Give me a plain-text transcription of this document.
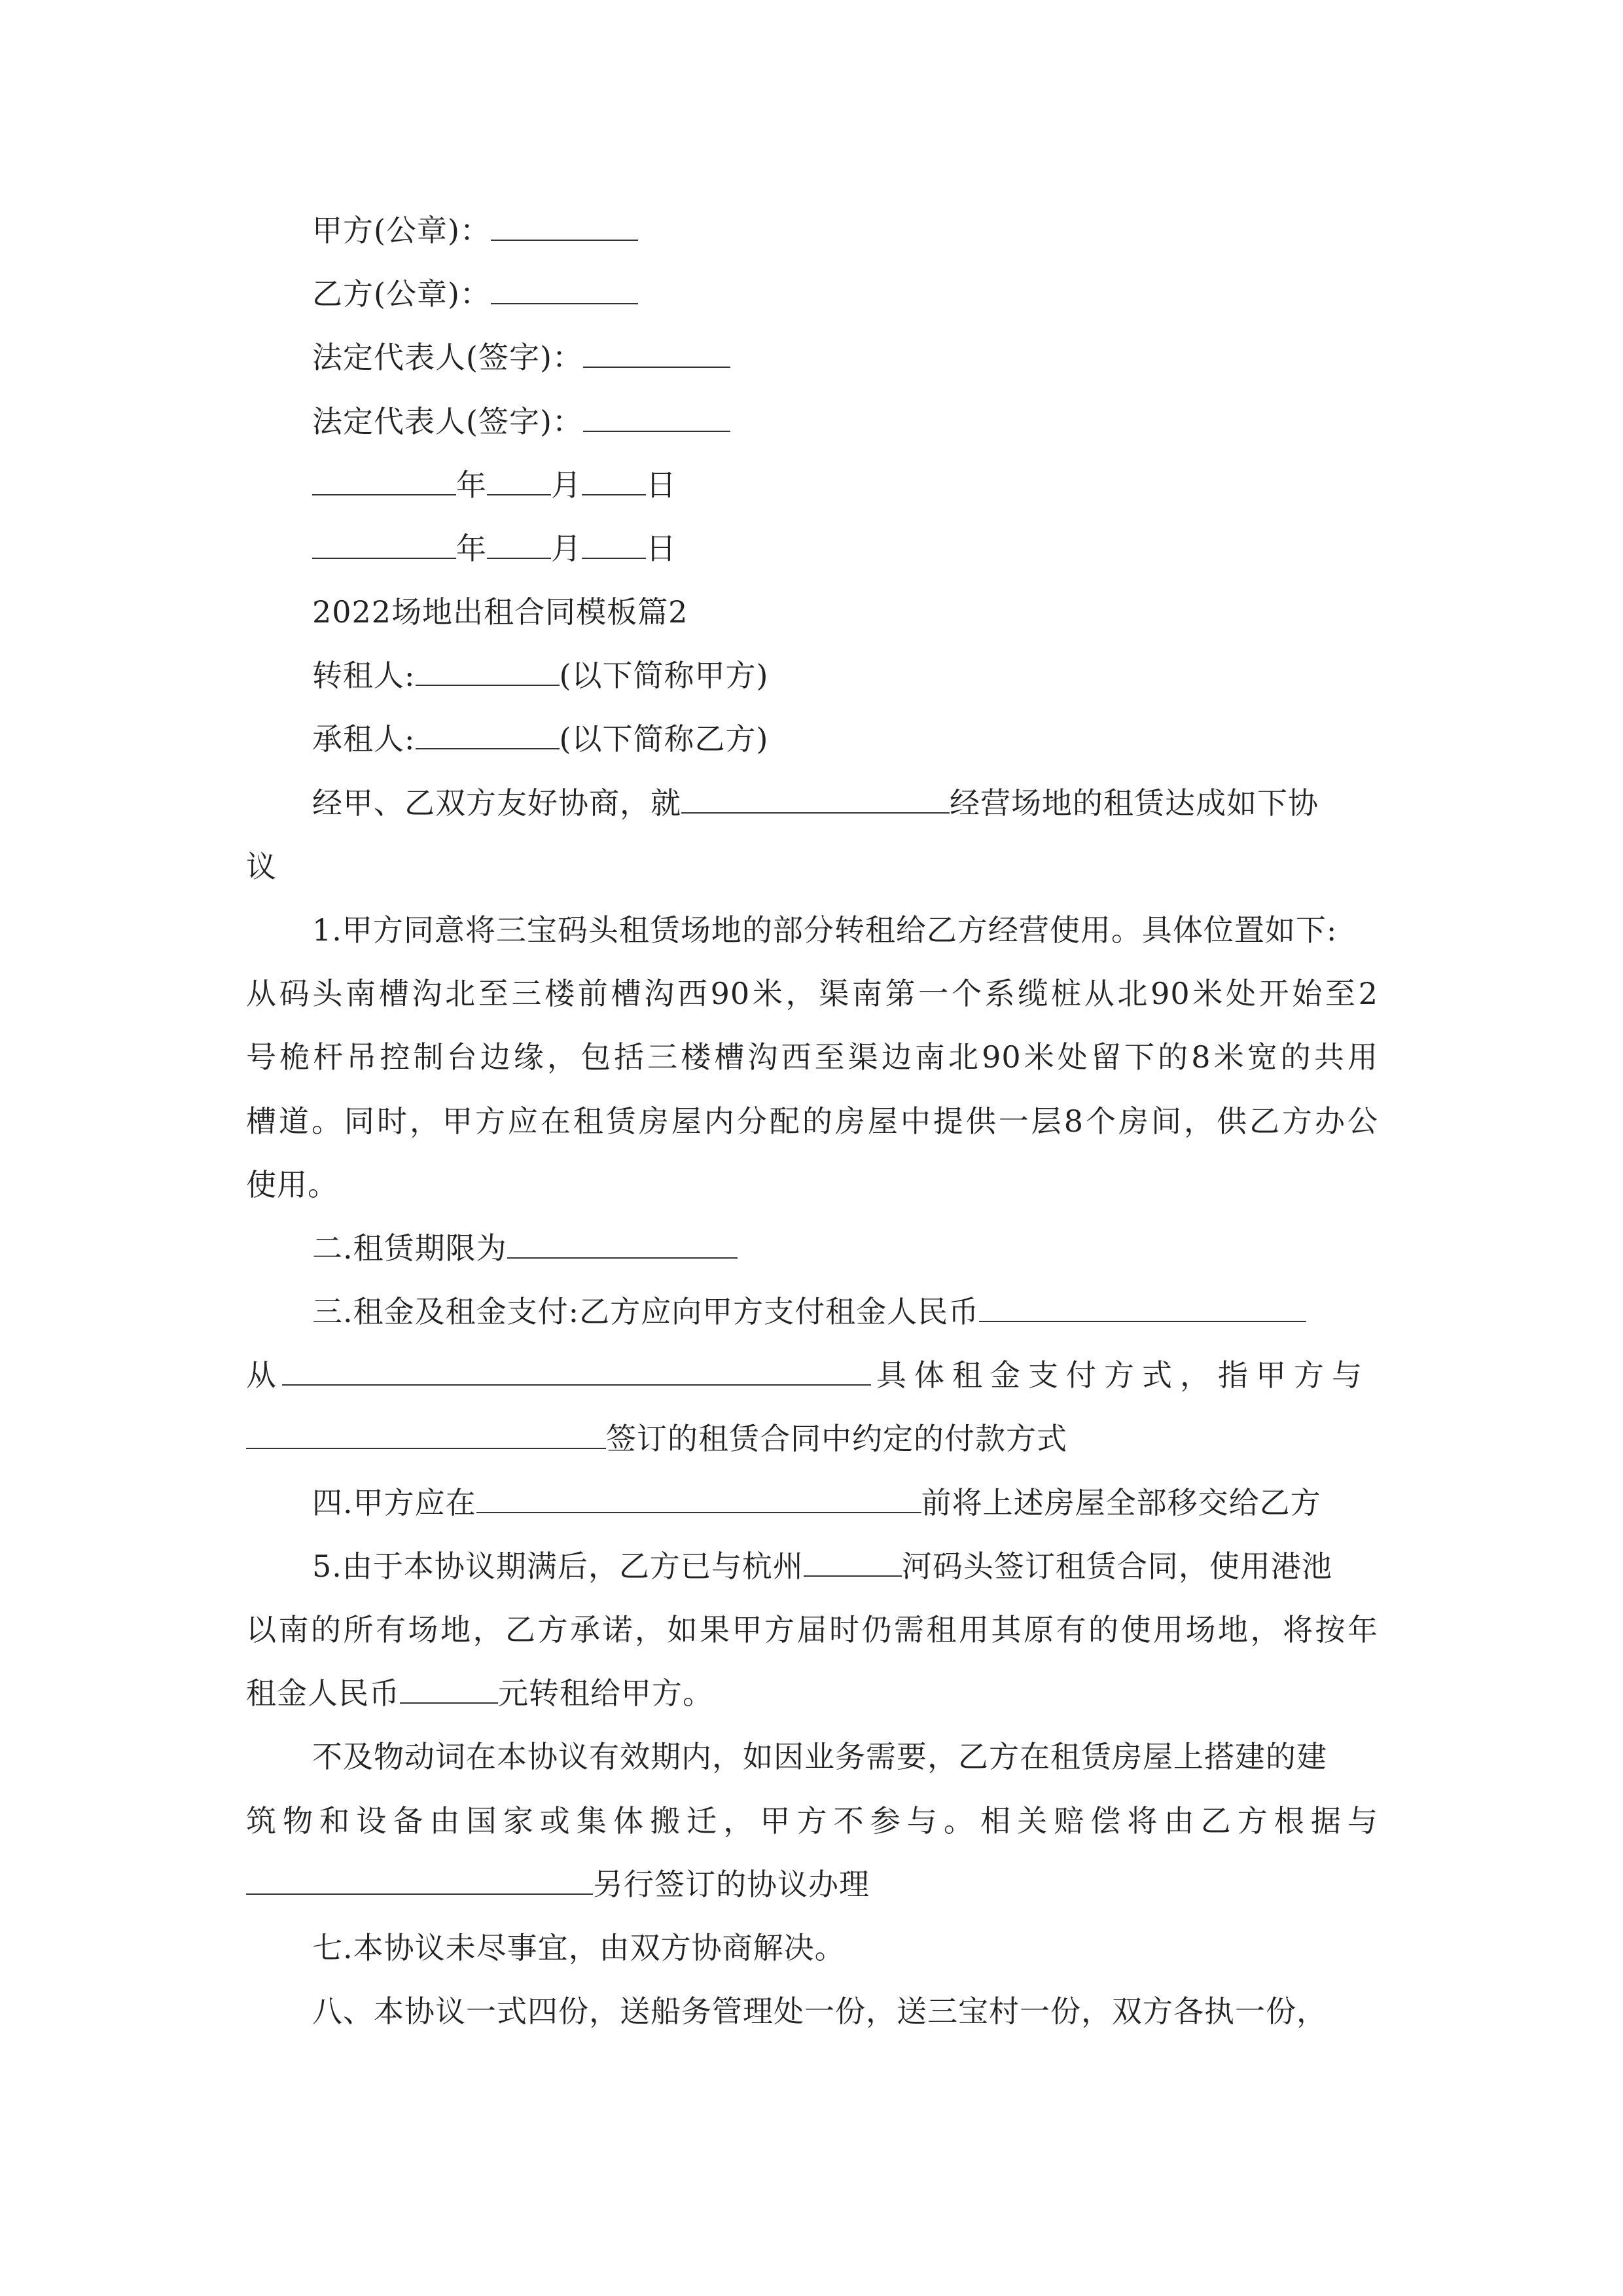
甲方(公章)：
乙方(公章)：
法定代表人(签字)：
法定代表人(签字)：
年 月 日
年 月 日
2022场地出租合同模板篇2
转租人:	(以下简称甲方)
承租人:	(以下简称乙方)
经甲、乙双方友好协商，就	经营场地的租赁达成如下协
议
1.甲方同意将三宝码头租赁场地的部分转租给乙方经营使用。具体位置如下:
从码头南槽沟北至三楼前槽沟西90米，渠南第一个系缆桩从北90米处开始至2
号桅杆吊控制台边缘，包括三楼槽沟西至渠边南北90米处留下的8米宽的共用
槽道。同时，甲方应在租赁房屋内分配的房屋中提供一层8个房间，供乙方办公
使用。
二.租赁期限为
三.租金及租金支付:乙方应向甲方支付租金人民币
从	具体租金支付方式，指甲方与
签订的租赁合同中约定的付款方式
四.甲方应在	前将上述房屋全部移交给乙方
5.由于本协议期满后，乙方已与杭州	河码头签订租赁合同，使用港池
以南的所有场地，乙方承诺，如果甲方届时仍需租用其原有的使用场地，将按年
租金人民币	元转租给甲方。
不及物动词在本协议有效期内，如因业务需要，乙方在租赁房屋上搭建的建
筑物和设备由国家或集体搬迁，甲方不参与。相关赔偿将由乙方根据与
另行签订的协议办理
七.本协议未尽事宜，由双方协商解决。
八、本协议一式四份，送船务管理处一份，送三宝村一份，双方各执一份，
